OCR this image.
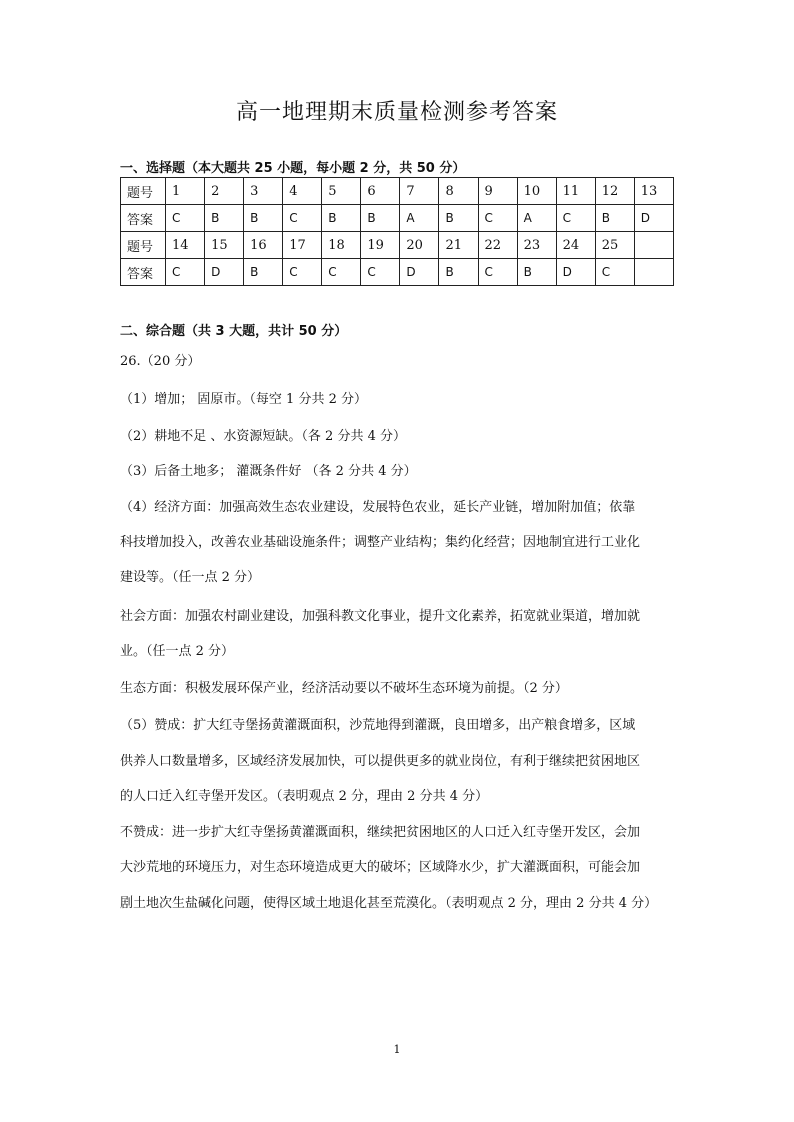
高一地理期末质量检测参考答案
一、选择题（本大题共 25 小题，每小题 2 分，共 50 分）
题号	1	2	3	4	5	6	7	8	9	10	11	12	13
答案	C	B	B	C	B	B	A	B	C	A	C	B	D
题号	14	15	16	17	18	19	20	21	22	23	24	25	
答案	C	D	B	C	C	C	D	B	C	B	D	C	
二、综合题（共 3 大题，共计 50 分）
26.（20 分）
（1）增加； 固原市。（每空 1 分共 2 分）
（2）耕地不足 、水资源短缺。（各 2 分共 4 分）
（3）后备土地多； 灌溉条件好 （各 2 分共 4 分）
（4）经济方面：加强高效生态农业建设，发展特色农业，延长产业链，增加附加值；依靠
科技增加投入，改善农业基础设施条件；调整产业结构；集约化经营；因地制宜进行工业化
建设等。（任一点 2 分）
社会方面：加强农村副业建设，加强科教文化事业，提升文化素养，拓宽就业渠道，增加就
业。（任一点 2 分）
生态方面：积极发展环保产业，经济活动要以不破坏生态环境为前提。（2 分）
（5）赞成：扩大红寺堡扬黄灌溉面积，沙荒地得到灌溉，良田增多，出产粮食增多，区域
供养人口数量增多，区域经济发展加快，可以提供更多的就业岗位，有利于继续把贫困地区
的人口迁入红寺堡开发区。（表明观点 2 分，理由 2 分共 4 分）
不赞成：进一步扩大红寺堡扬黄灌溉面积，继续把贫困地区的人口迁入红寺堡开发区，会加
大沙荒地的环境压力，对生态环境造成更大的破坏；区域降水少，扩大灌溉面积，可能会加
剧土地次生盐碱化问题，使得区域土地退化甚至荒漠化。（表明观点 2 分，理由 2 分共 4 分）
1
